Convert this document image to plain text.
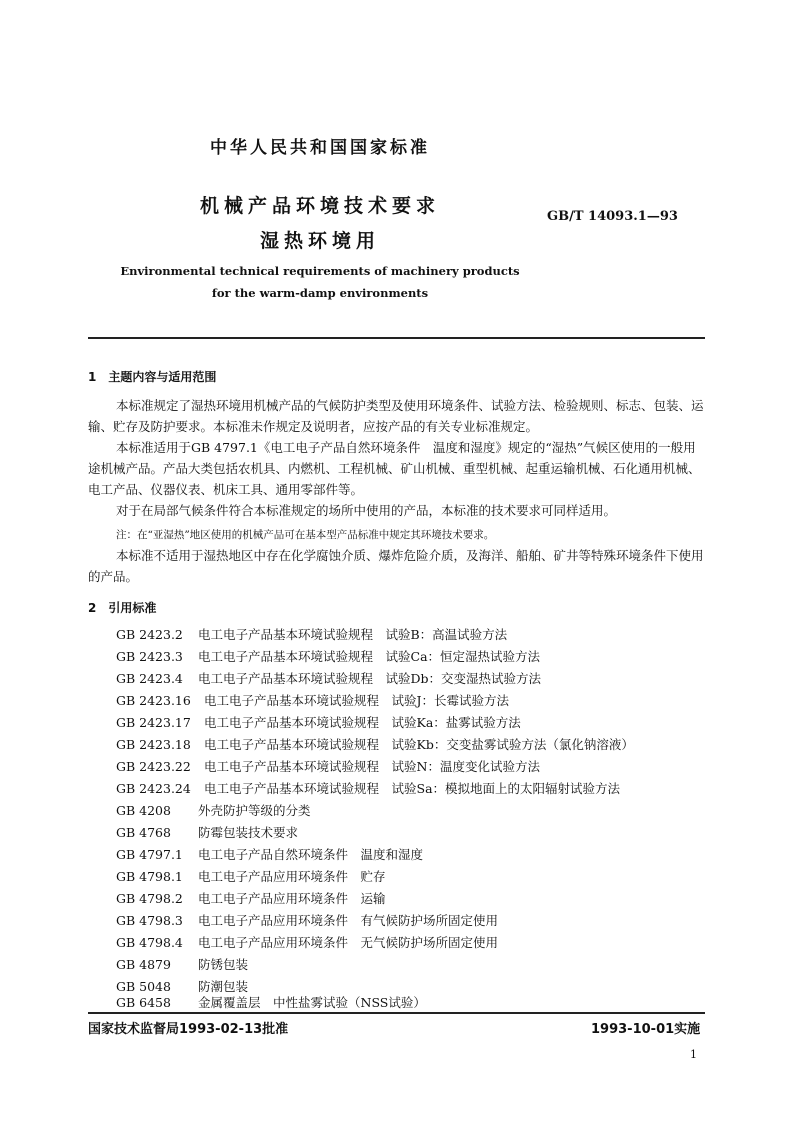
中华人民共和国国家标准
机械产品环境技术要求
湿热环境用
GB/T 14093.1—93
Environmental technical requirements of machinery products
for the warm-damp environments
1　主题内容与适用范围
本标准规定了湿热环境用机械产品的气候防护类型及使用环境条件、试验方法、检验规则、标志、包装、运输、贮存及防护要求。本标准未作规定及说明者，应按产品的有关专业标准规定。
本标准适用于GB 4797.1《电工电子产品自然环境条件　温度和湿度》规定的“湿热”气候区使用的一般用途机械产品。产品大类包括农机具、内燃机、工程机械、矿山机械、重型机械、起重运输机械、石化通用机械、电工产品、仪器仪表、机床工具、通用零部件等。
对于在局部气候条件符合本标准规定的场所中使用的产品，本标准的技术要求可同样适用。
注：在“亚湿热”地区使用的机械产品可在基本型产品标准中规定其环境技术要求。
本标准不适用于湿热地区中存在化学腐蚀介质、爆炸危险介质，及海洋、船舶、矿井等特殊环境条件下使用的产品。
2　引用标准
GB 2423.2 电工电子产品基本环境试验规程　试验B：高温试验方法
GB 2423.3 电工电子产品基本环境试验规程　试验Ca：恒定湿热试验方法
GB 2423.4 电工电子产品基本环境试验规程　试验Db：交变湿热试验方法
GB 2423.16 电工电子产品基本环境试验规程　试验J：长霉试验方法
GB 2423.17 电工电子产品基本环境试验规程　试验Ka：盐雾试验方法
GB 2423.18 电工电子产品基本环境试验规程　试验Kb：交变盐雾试验方法（氯化钠溶液）
GB 2423.22 电工电子产品基本环境试验规程　试验N：温度变化试验方法
GB 2423.24 电工电子产品基本环境试验规程　试验Sa：模拟地面上的太阳辐射试验方法
GB 4208 外壳防护等级的分类
GB 4768 防霉包装技术要求
GB 4797.1 电工电子产品自然环境条件　温度和湿度
GB 4798.1 电工电子产品应用环境条件　贮存
GB 4798.2 电工电子产品应用环境条件　运输
GB 4798.3 电工电子产品应用环境条件　有气候防护场所固定使用
GB 4798.4 电工电子产品应用环境条件　无气候防护场所固定使用
GB 4879 防锈包装
GB 5048 防潮包装
GB 6458 金属覆盖层　中性盐雾试验（NSS试验）
国家技术监督局1993-02-13批准	1993-10-01实施
1
